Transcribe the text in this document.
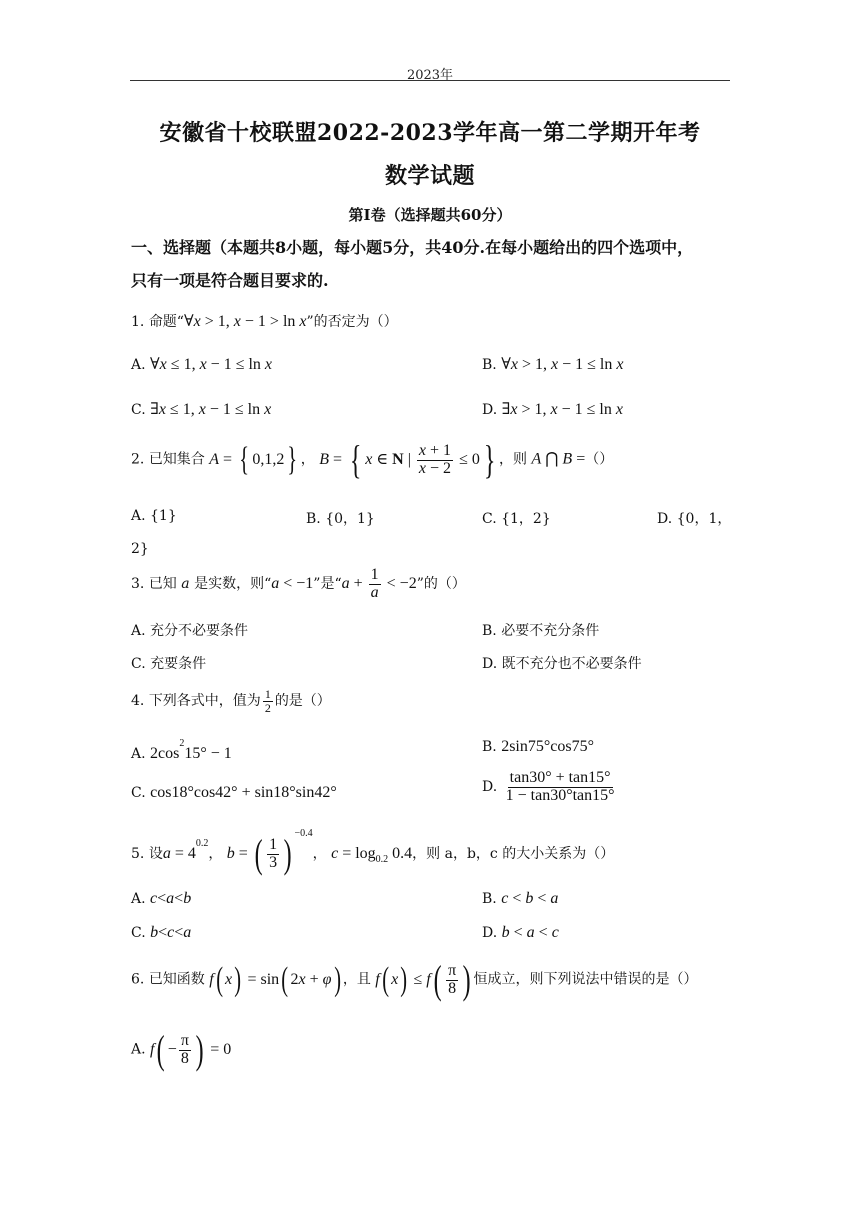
2023年
安徽省十校联盟2022-2023学年高一第二学期开年考
数学试题
第Ⅰ卷（选择题共60分）
一、选择题（本题共8小题，每小题5分，共40分.在每小题给出的四个选项中，
只有一项是符合题目要求的.
1. 命题“∀x > 1, x − 1 > ln x”的否定为（）
A. ∀x ≤ 1, x − 1 ≤ ln x	B. ∀x > 1, x − 1 ≤ ln x
C. ∃x ≤ 1, x − 1 ≤ ln x	D. ∃x > 1, x − 1 ≤ ln x
2. 已知集合 A = { 0,1,2} ， B = { x ∈ N | $\frac{x + 1}{x - 2} \le 0$} ，则 A ⋂ B =（）
A. {1}	B. {0，1}	C. {1，2}	D. {0，1，
2}
3. 已知 a 是实数，则“a < −1”是“$a + \frac{1}{a} < -2$”的（）
A. 充分不必要条件	B. 必要不充分条件
C. 充要条件	D. 既不充分也不必要条件
4. 下列各式中，值为 $\frac{1}{2}$ 的是（）
A. $2\cos^215^\circ - 1$	B. 2sin75°cos75°
C. cos18°cos42° + sin18°sin42°	D. $\frac{\tan 30^\circ + \tan 15^\circ}{1 - \tan 30^\circ\tan 15^\circ}$
5. 设$a = 4^{0.2}$， b = ( $\frac{1}{3}$ ) $^{-0.4}$， $c = \log_{0.2} 0.4$，则 a，b，c 的大小关系为（）
A. c<a<b	B. c < b < a
C. b<c<a	D. b < a < c
6. 已知函数 f( x) = sin( 2x + φ) ，且 f( $x) \le f( \frac{\pi}{8}$ ) 恒成立，则下列说法中错误的是（）
A. $f( - \frac{\pi}{8}$ ) = 0
